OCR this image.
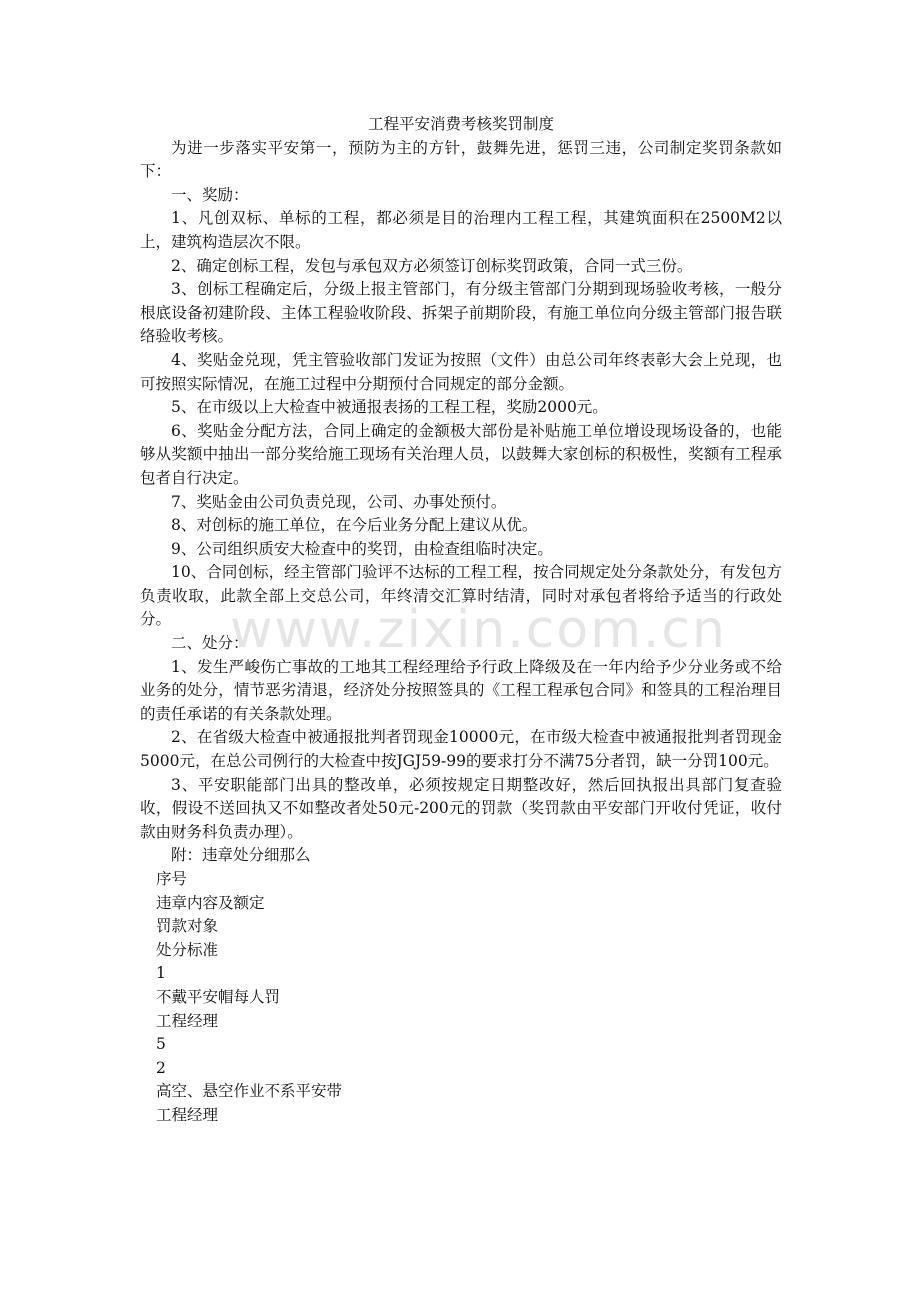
工程平安消费考核奖罚制度

为进一步落实平安第一，预防为主的方针，鼓舞先进，惩罚三违，公司制定奖罚条款如下：

一、奖励：

1、凡创双标、单标的工程，都必须是目的治理内工程工程，其建筑面积在2500M2以上，建筑构造层次不限。

2、确定创标工程，发包与承包双方必须签订创标奖罚政策，合同一式三份。

3、创标工程确定后，分级上报主管部门，有分级主管部门分期到现场验收考核，一般分根底设备初建阶段、主体工程验收阶段、拆架子前期阶段，有施工单位向分级主管部门报告联络验收考核。

4、奖贴金兑现，凭主管验收部门发证为按照（文件）由总公司年终表彰大会上兑现，也可按照实际情况，在施工过程中分期预付合同规定的部分金额。

5、在市级以上大检查中被通报表扬的工程工程，奖励2000元。

6、奖贴金分配方法，合同上确定的金额极大部份是补贴施工单位增设现场设备的，也能够从奖额中抽出一部分奖给施工现场有关治理人员，以鼓舞大家创标的积极性，奖额有工程承包者自行决定。

7、奖贴金由公司负责兑现，公司、办事处预付。

8、对创标的施工单位，在今后业务分配上建议从优。

9、公司组织质安大检查中的奖罚，由检查组临时决定。

10、合同创标，经主管部门验评不达标的工程工程，按合同规定处分条款处分，有发包方负责收取，此款全部上交总公司，年终清交汇算时结清，同时对承包者将给予适当的行政处分。

二、处分：

1、发生严峻伤亡事故的工地其工程经理给予行政上降级及在一年内给予少分业务或不给业务的处分，情节恶劣清退，经济处分按照签具的《工程工程承包合同》和签具的工程治理目的责任承诺的有关条款处理。

2、在省级大检查中被通报批判者罚现金10000元，在市级大检查中被通报批判者罚现金5000元，在总公司例行的大检查中按JGJ59-99的要求打分不满75分者罚，缺一分罚100元。

3、平安职能部门出具的整改单，必须按规定日期整改好，然后回执报出具部门复查验收，假设不送回执又不如整改者处50元-200元的罚款（奖罚款由平安部门开收付凭证，收付款由财务科负责办理）。

附：违章处分细那么

序号
违章内容及额定
罚款对象
处分标准
1
不戴平安帽每人罚
工程经理
5
2
高空、悬空作业不系平安带
工程经理
www.zixin.com.cn
